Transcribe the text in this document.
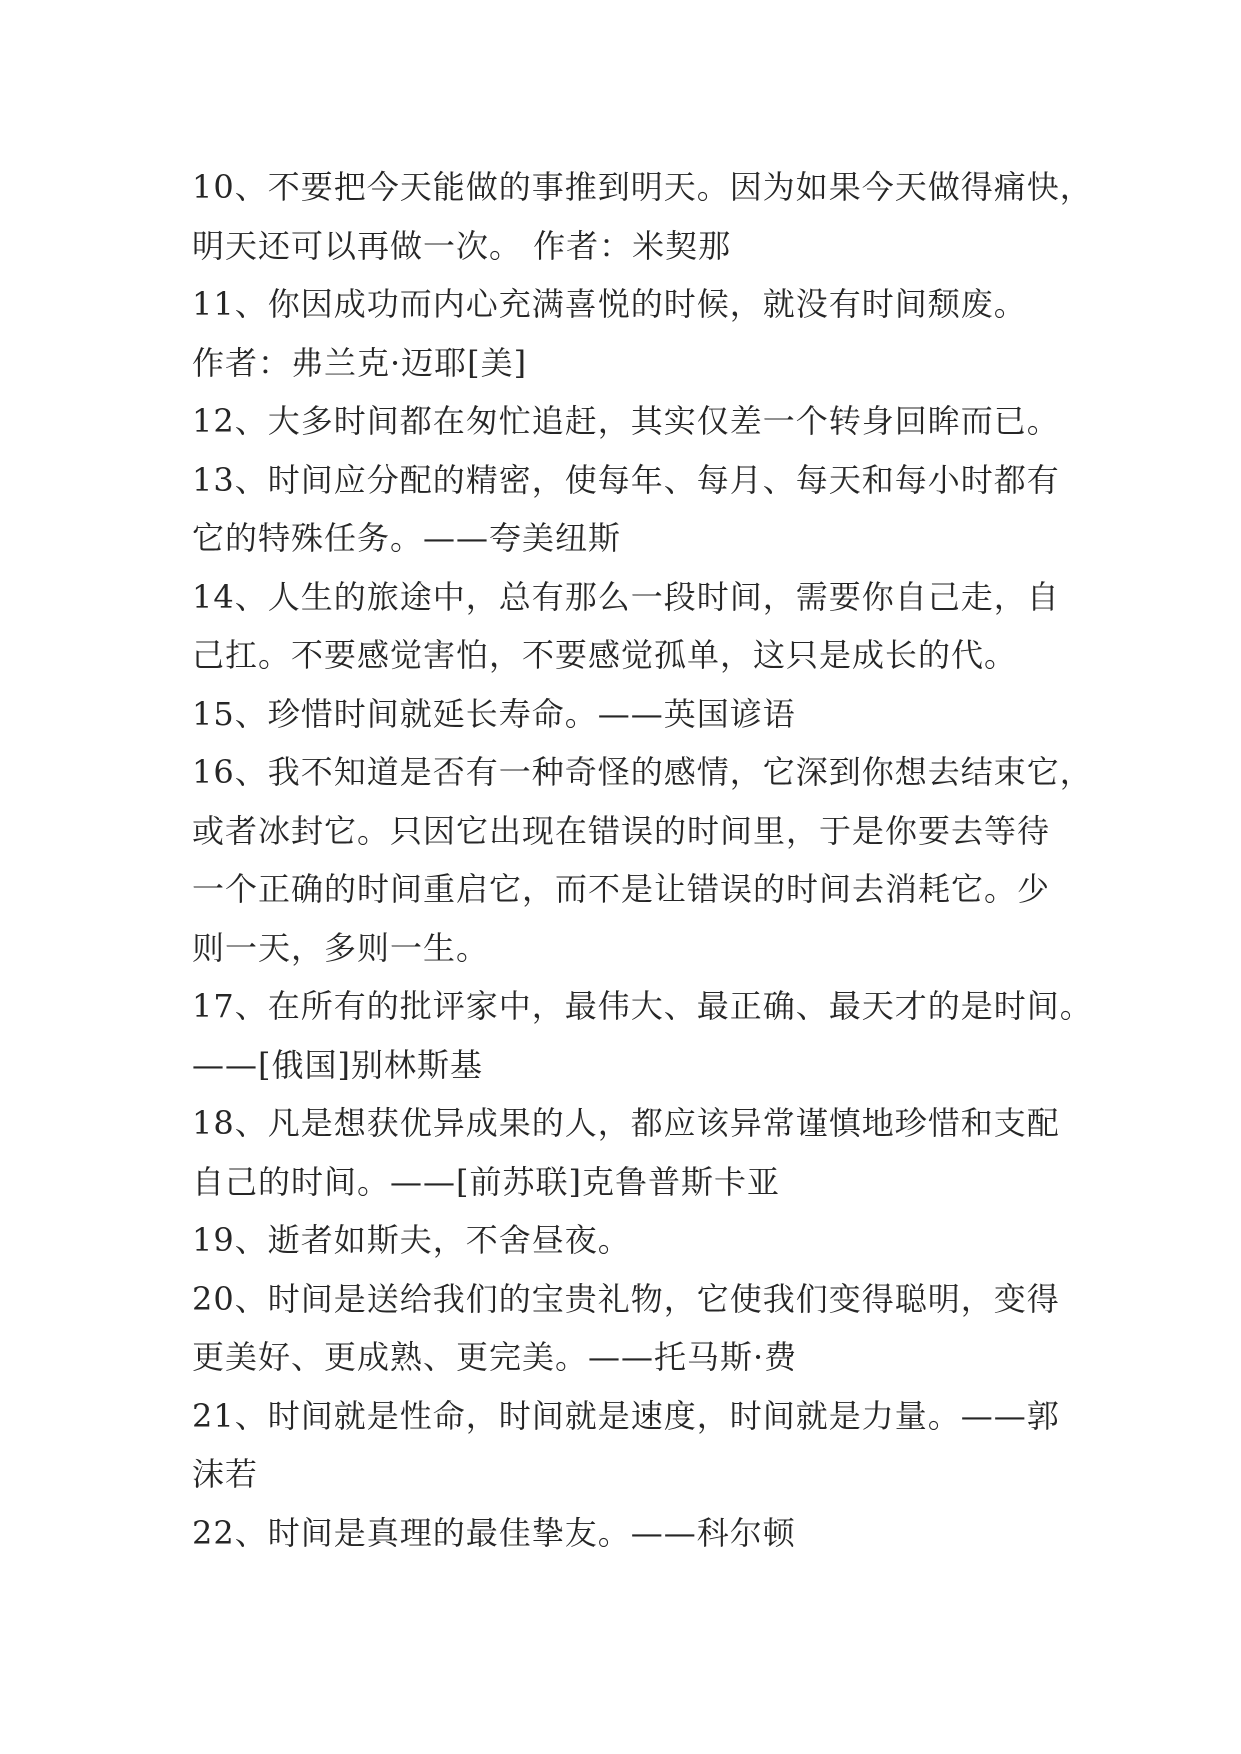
10、不要把今天能做的事推到明天。因为如果今天做得痛快，
明天还可以再做一次。 作者：米契那
11、你因成功而内心充满喜悦的时候，就没有时间颓废。
作者：弗兰克·迈耶[美]
12、大多时间都在匆忙追赶，其实仅差一个转身回眸而已。
13、时间应分配的精密，使每年、每月、每天和每小时都有
它的特殊任务。——夸美纽斯
14、人生的旅途中，总有那么一段时间，需要你自己走，自
己扛。不要感觉害怕，不要感觉孤单，这只是成长的代。
15、珍惜时间就延长寿命。——英国谚语
16、我不知道是否有一种奇怪的感情，它深到你想去结束它，
或者冰封它。只因它出现在错误的时间里，于是你要去等待
一个正确的时间重启它，而不是让错误的时间去消耗它。少
则一天，多则一生。
17、在所有的批评家中，最伟大、最正确、最天才的是时间。
——[俄国]别林斯基
18、凡是想获优异成果的人，都应该异常谨慎地珍惜和支配
自己的时间。——[前苏联]克鲁普斯卡亚
19、逝者如斯夫，不舍昼夜。
20、时间是送给我们的宝贵礼物，它使我们变得聪明，变得
更美好、更成熟、更完美。——托马斯·费
21、时间就是性命，时间就是速度，时间就是力量。——郭
沫若
22、时间是真理的最佳挚友。——科尔顿
